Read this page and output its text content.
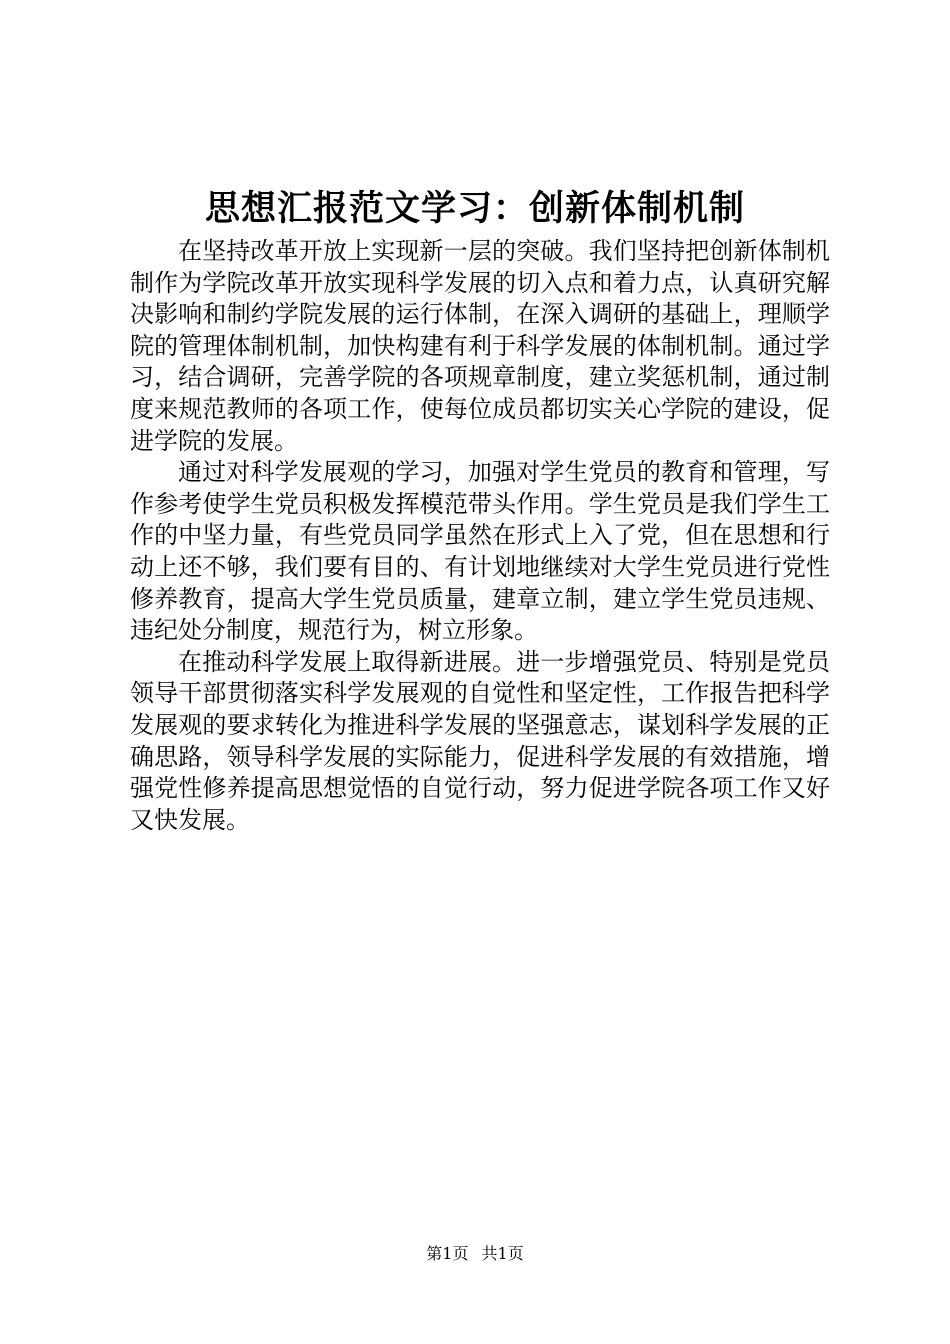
思想汇报范文学习：创新体制机制

在坚持改革开放上实现新一层的突破。我们坚持把创新体制机制作为学院改革开放实现科学发展的切入点和着力点，认真研究解决影响和制约学院发展的运行体制，在深入调研的基础上，理顺学院的管理体制机制，加快构建有利于科学发展的体制机制。通过学习，结合调研，完善学院的各项规章制度，建立奖惩机制，通过制度来规范教师的各项工作，使每位成员都切实关心学院的建设，促进学院的发展。

通过对科学发展观的学习，加强对学生党员的教育和管理，写作参考使学生党员积极发挥模范带头作用。学生党员是我们学生工作的中坚力量，有些党员同学虽然在形式上入了党，但在思想和行动上还不够，我们要有目的、有计划地继续对大学生党员进行党性修养教育，提高大学生党员质量，建章立制，建立学生党员违规、违纪处分制度，规范行为，树立形象。

在推动科学发展上取得新进展。进一步增强党员、特别是党员领导干部贯彻落实科学发展观的自觉性和坚定性，工作报告把科学发展观的要求转化为推进科学发展的坚强意志，谋划科学发展的正确思路，领导科学发展的实际能力，促进科学发展的有效措施，增强党性修养提高思想觉悟的自觉行动，努力促进学院各项工作又好又快发展。

第1页 共1页
